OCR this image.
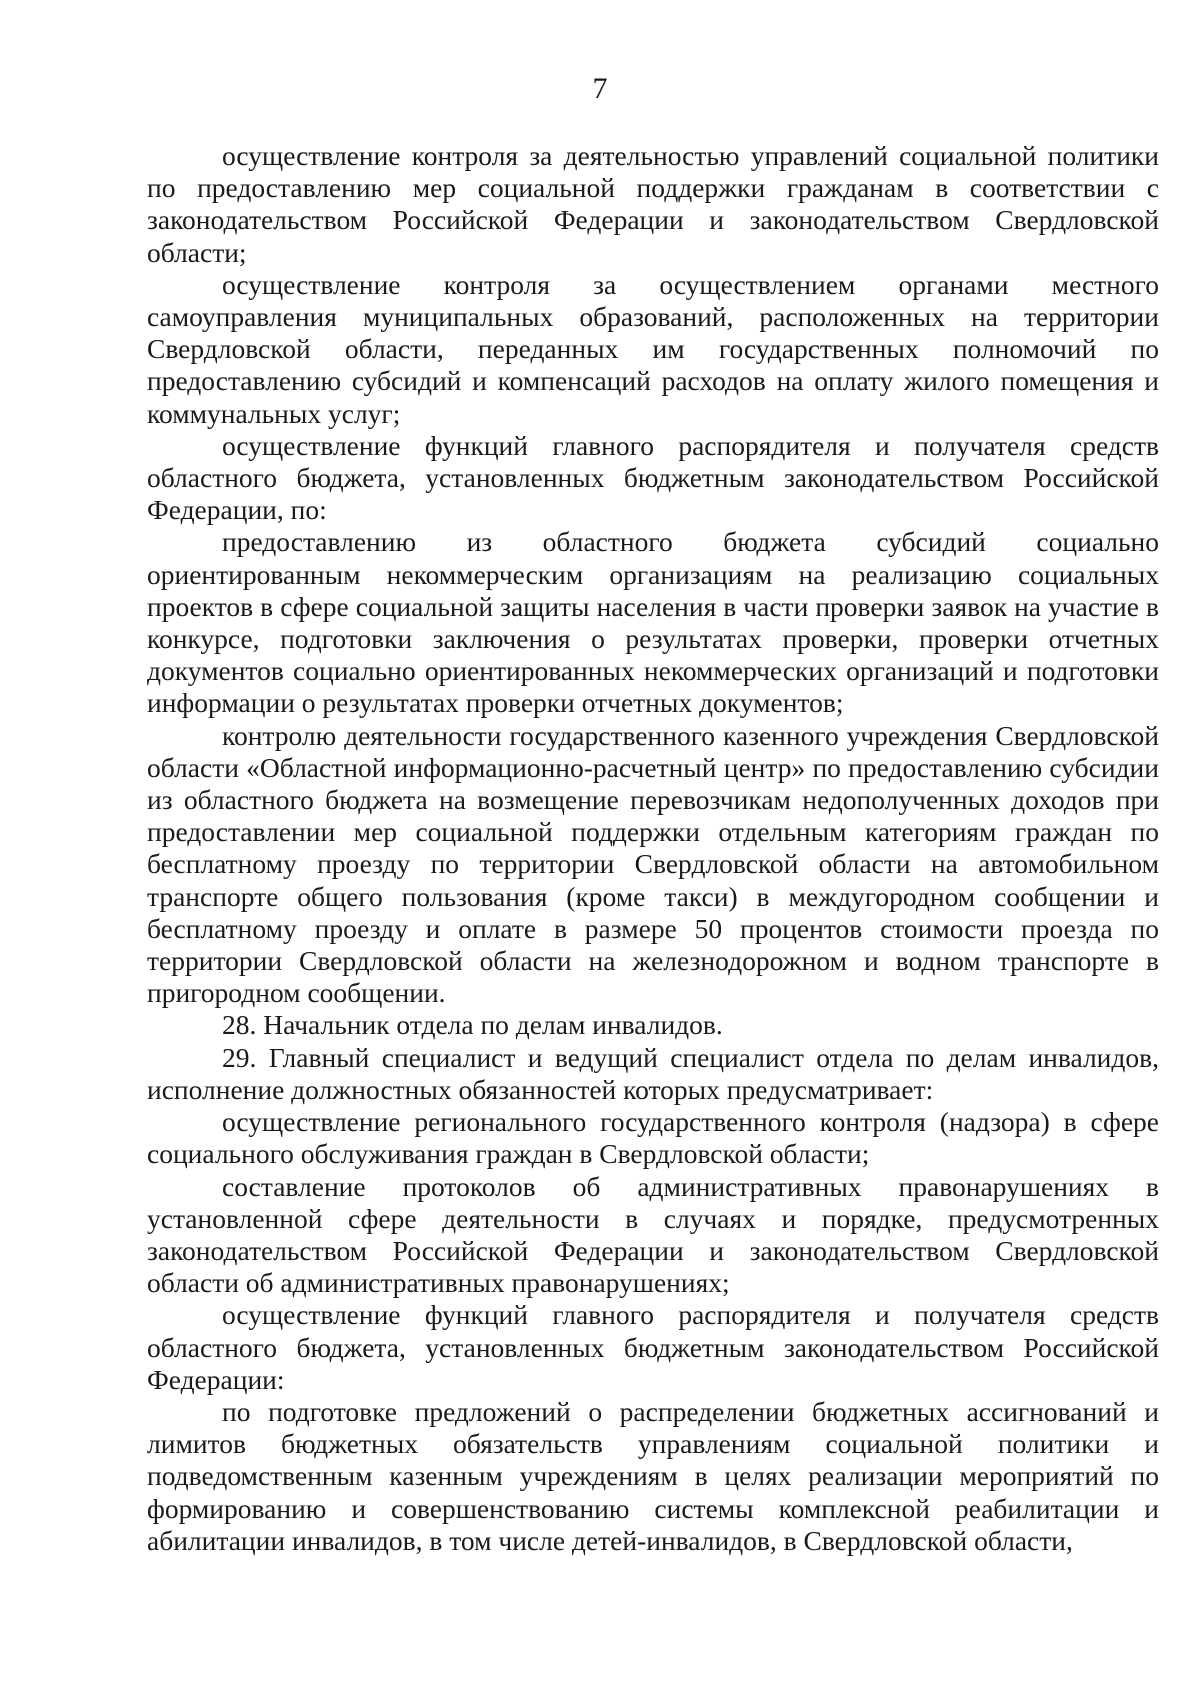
7

осуществление контроля за деятельностью управлений социальной политики по предоставлению мер социальной поддержки гражданам в соответствии с законодательством Российской Федерации и законодательством Свердловской области;

осуществление контроля за осуществлением органами местного самоуправления муниципальных образований, расположенных на территории Свердловской области, переданных им государственных полномочий по предоставлению субсидий и компенсаций расходов на оплату жилого помещения и коммунальных услуг;

осуществление функций главного распорядителя и получателя средств областного бюджета, установленных бюджетным законодательством Российской Федерации, по:

предоставлению из областного бюджета субсидий социально ориентированным некоммерческим организациям на реализацию социальных проектов в сфере социальной защиты населения в части проверки заявок на участие в конкурсе, подготовки заключения о результатах проверки, проверки отчетных документов социально ориентированных некоммерческих организаций и подготовки информации о результатах проверки отчетных документов;

контролю деятельности государственного казенного учреждения Свердловской области «Областной информационно-расчетный центр» по предоставлению субсидии из областного бюджета на возмещение перевозчикам недополученных доходов при предоставлении мер социальной поддержки отдельным категориям граждан по бесплатному проезду по территории Свердловской области на автомобильном транспорте общего пользования (кроме такси) в междугородном сообщении и бесплатному проезду и оплате в размере 50 процентов стоимости проезда по территории Свердловской области на железнодорожном и водном транспорте в пригородном сообщении.

28. Начальник отдела по делам инвалидов.

29. Главный специалист и ведущий специалист отдела по делам инвалидов, исполнение должностных обязанностей которых предусматривает:

осуществление регионального государственного контроля (надзора) в сфере социального обслуживания граждан в Свердловской области;

составление протоколов об административных правонарушениях в установленной сфере деятельности в случаях и порядке, предусмотренных законодательством Российской Федерации и законодательством Свердловской области об административных правонарушениях;

осуществление функций главного распорядителя и получателя средств областного бюджета, установленных бюджетным законодательством Российской Федерации:

по подготовке предложений о распределении бюджетных ассигнований и лимитов бюджетных обязательств управлениям социальной политики и подведомственным казенным учреждениям в целях реализации мероприятий по формированию и совершенствованию системы комплексной реабилитации и абилитации инвалидов, в том числе детей-инвалидов, в Свердловской области,
